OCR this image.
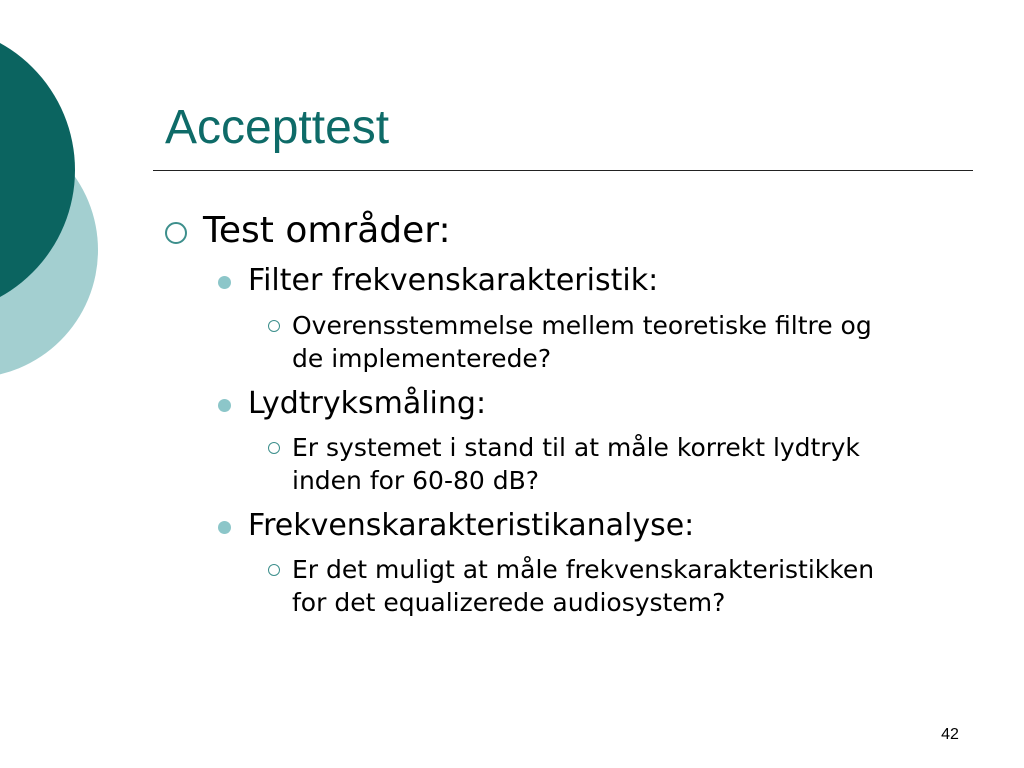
Accepttest
Test områder:
Filter frekvenskarakteristik:
Overensstemmelse mellem teoretiske filtre og de implementerede?
Lydtryksmåling:
Er systemet i stand til at måle korrekt lydtryk inden for 60-80 dB?
Frekvenskarakteristikanalyse:
Er det muligt at måle frekvenskarakteristikken for det equalizerede audiosystem?
42
